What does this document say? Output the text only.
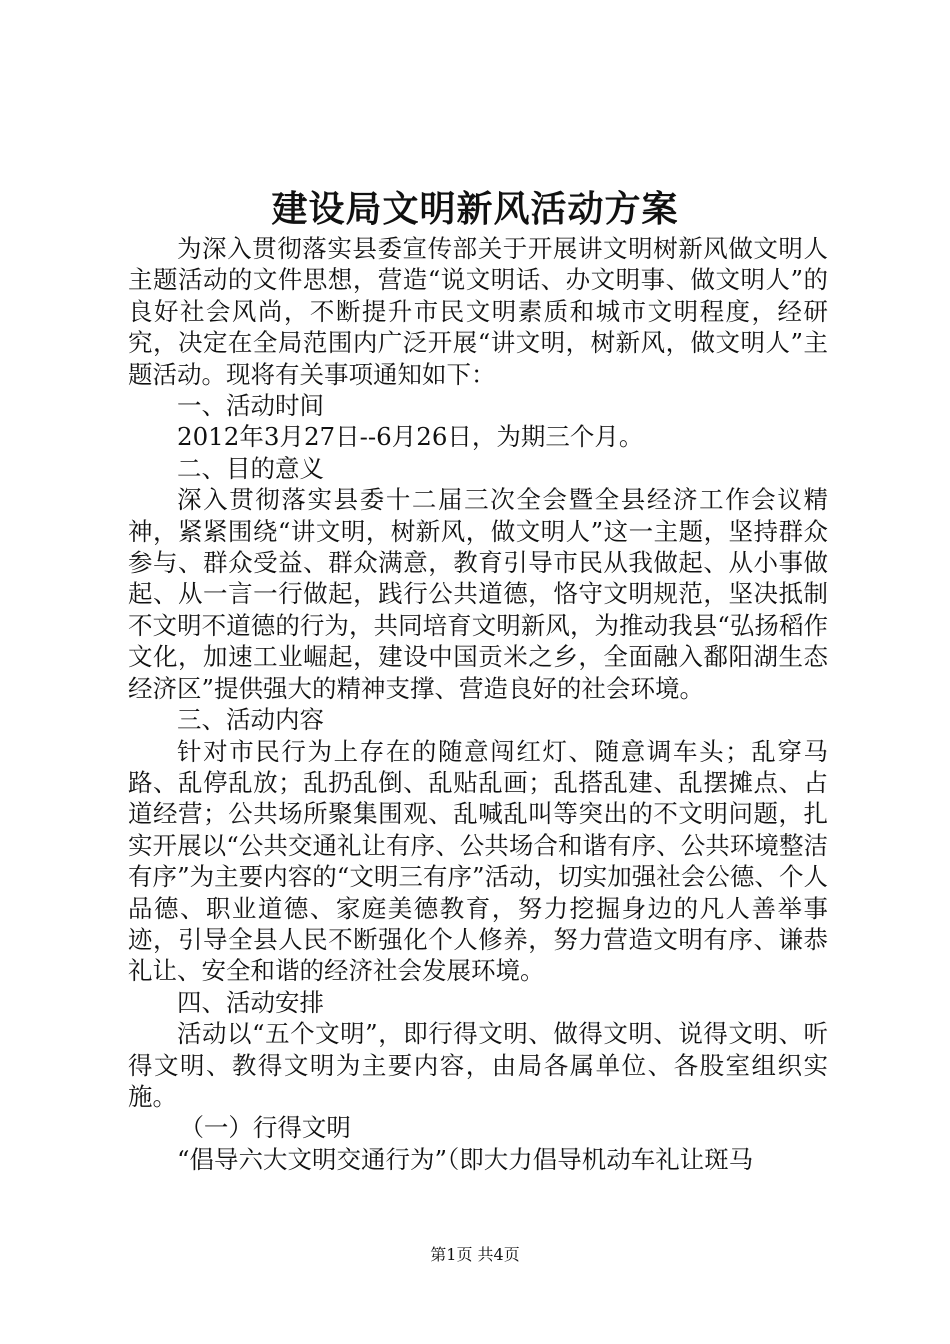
建设局文明新风活动方案

为深入贯彻落实县委宣传部关于开展讲文明树新风做文明人主题活动的文件思想，营造“说文明话、办文明事、做文明人”的良好社会风尚，不断提升市民文明素质和城市文明程度，经研究，决定在全局范围内广泛开展“讲文明，树新风，做文明人”主题活动。现将有关事项通知如下：

一、活动时间

2012年3月27日--6月26日，为期三个月。

二、目的意义

深入贯彻落实县委十二届三次全会暨全县经济工作会议精神，紧紧围绕“讲文明，树新风，做文明人”这一主题，坚持群众参与、群众受益、群众满意，教育引导市民从我做起、从小事做起、从一言一行做起，践行公共道德，恪守文明规范，坚决抵制不文明不道德的行为，共同培育文明新风，为推动我县“弘扬稻作文化，加速工业崛起，建设中国贡米之乡，全面融入鄱阳湖生态经济区”提供强大的精神支撑、营造良好的社会环境。

三、活动内容

针对市民行为上存在的随意闯红灯、随意调车头；乱穿马路、乱停乱放；乱扔乱倒、乱贴乱画；乱搭乱建、乱摆摊点、占道经营；公共场所聚集围观、乱喊乱叫等突出的不文明问题，扎实开展以“公共交通礼让有序、公共场合和谐有序、公共环境整洁有序”为主要内容的“文明三有序”活动，切实加强社会公德、个人品德、职业道德、家庭美德教育，努力挖掘身边的凡人善举事迹，引导全县人民不断强化个人修养，努力营造文明有序、谦恭礼让、安全和谐的经济社会发展环境。

四、活动安排

活动以“五个文明”，即行得文明、做得文明、说得文明、听得文明、教得文明为主要内容，由局各属单位、各股室组织实施。

（一）行得文明

“倡导六大文明交通行为”（即大力倡导机动车礼让斑马

第1页 共4页
